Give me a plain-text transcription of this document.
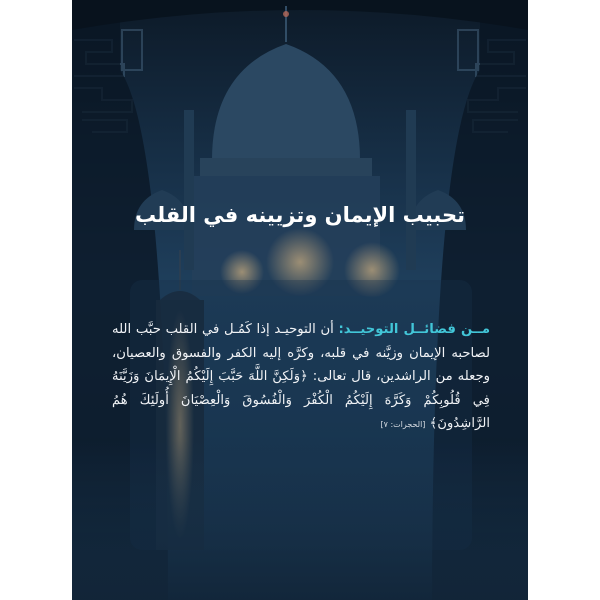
تحبيب الإيمان وتزيينه في القلب

مــن فضائــل التوحيــد: أن التوحيـد إذا كَمُـل في القلب حبَّب الله لصاحبه الإيمان وزيَّنه في قلبه، وكرَّه إليه الكفر والفسوق والعصيان، وجعله من الراشدين، قال تعالى: ﴿وَلَكِنَّ اللَّهَ حَبَّبَ إِلَيْكُمُ الْإِيمَانَ وَزَيَّنَهُ فِي قُلُوبِكُمْ وَكَرَّهَ إِلَيْكُمُ الْكُفْرَ وَالْفُسُوقَ وَالْعِصْيَانَ أُولَئِكَ هُمُ الرَّاشِدُونَ﴾ [الحجرات: ٧]
